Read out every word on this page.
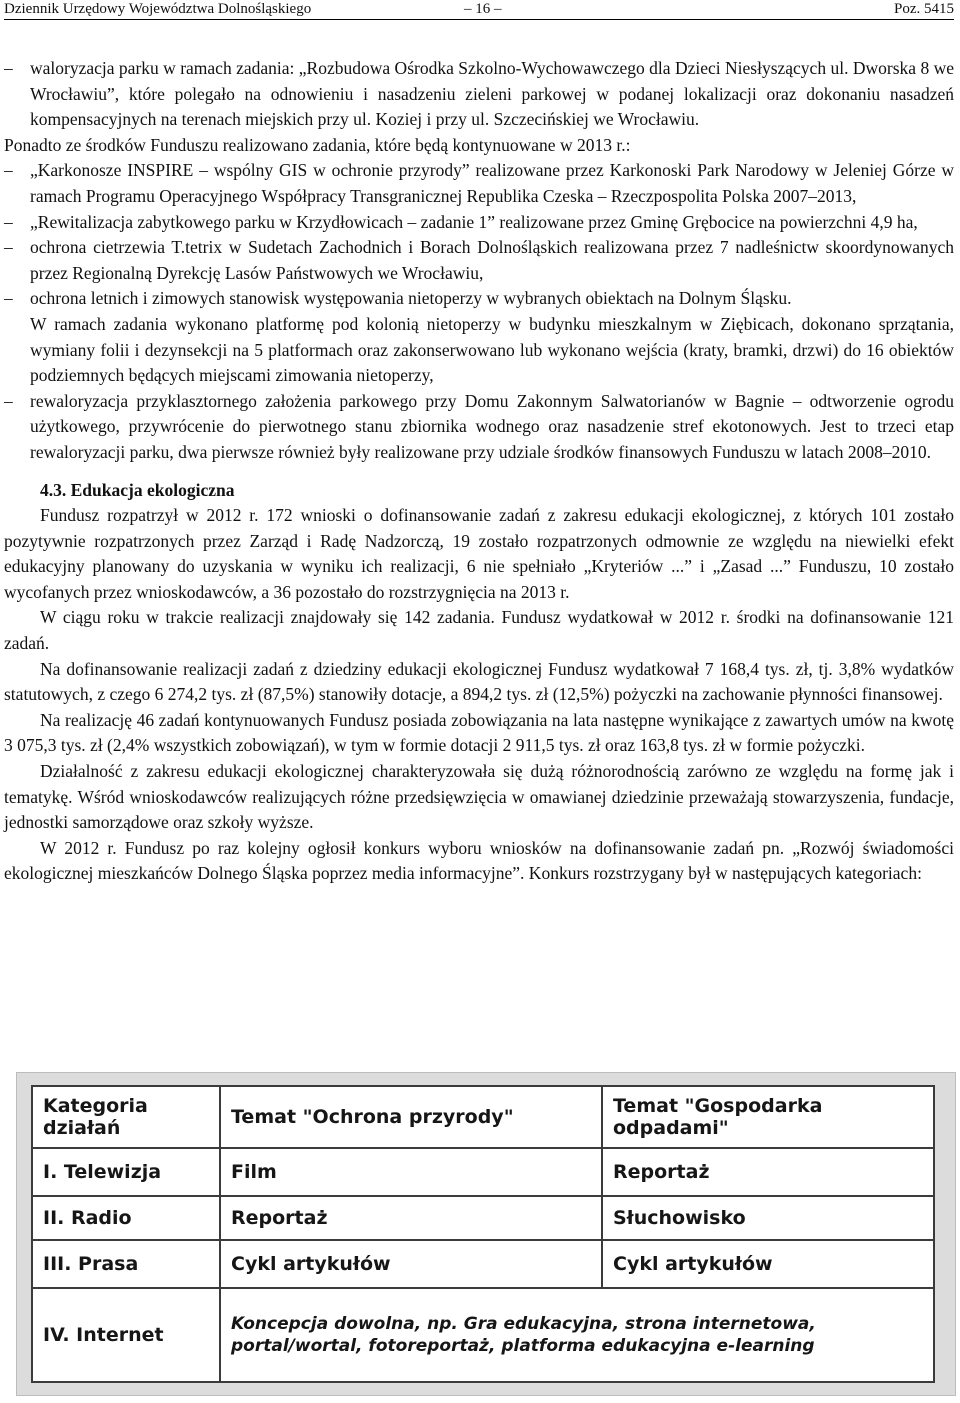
Dziennik Urzędowy Województwa Dolnośląskiego	– 16 –	Poz. 5415
– waloryzacja parku w ramach zadania: „Rozbudowa Ośrodka Szkolno-Wychowawczego dla Dzieci Niesłyszących ul. Dworska 8 we Wrocławiu”, które polegało na odnowieniu i nasadzeniu zieleni parkowej w podanej lokalizacji oraz dokonaniu nasadzeń kompensacyjnych na terenach miejskich przy ul. Koziej i przy ul. Szczecińskiej we Wrocławiu.
Ponadto ze środków Funduszu realizowano zadania, które będą kontynuowane w 2013 r.:
– „Karkonosze INSPIRE – wspólny GIS w ochronie przyrody” realizowane przez Karkonoski Park Narodowy w Jeleniej Górze w ramach Programu Operacyjnego Współpracy Transgranicznej Republika Czeska – Rzeczpospolita Polska 2007–2013,
– „Rewitalizacja zabytkowego parku w Krzydłowicach – zadanie 1” realizowane przez Gminę Grębocice na powierzchni 4,9 ha,
– ochrona cietrzewia T.tetrix w Sudetach Zachodnich i Borach Dolnośląskich realizowana przez 7 nadleśnictw skoordynowanych przez Regionalną Dyrekcję Lasów Państwowych we Wrocławiu,
– ochrona letnich i zimowych stanowisk występowania nietoperzy w wybranych obiektach na Dolnym Śląsku.
W ramach zadania wykonano platformę pod kolonią nietoperzy w budynku mieszkalnym w Ziębicach, dokonano sprzątania, wymiany folii i dezynsekcji na 5 platformach oraz zakonserwowano lub wykonano wejścia (kraty, bramki, drzwi) do 16 obiektów podziemnych będących miejscami zimowania nietoperzy,
– rewaloryzacja przyklasztornego założenia parkowego przy Domu Zakonnym Salwatorianów w Bagnie – odtworzenie ogrodu użytkowego, przywrócenie do pierwotnego stanu zbiornika wodnego oraz nasadzenie stref ekotonowych. Jest to trzeci etap rewaloryzacji parku, dwa pierwsze również były realizowane przy udziale środków finansowych Funduszu w latach 2008–2010.
4.3. Edukacja ekologiczna
Fundusz rozpatrzył w 2012 r. 172 wnioski o dofinansowanie zadań z zakresu edukacji ekologicznej, z których 101 zostało pozytywnie rozpatrzonych przez Zarząd i Radę Nadzorczą, 19 zostało rozpatrzonych odmownie ze względu na niewielki efekt edukacyjny planowany do uzyskania w wyniku ich realizacji, 6 nie spełniało „Kryteriów ...” i „Zasad ...” Funduszu, 10 zostało wycofanych przez wnioskodawców, a 36 pozostało do rozstrzygnięcia na 2013 r.
W ciągu roku w trakcie realizacji znajdowały się 142 zadania. Fundusz wydatkował w 2012 r. środki na dofinansowanie 121 zadań.
Na dofinansowanie realizacji zadań z dziedziny edukacji ekologicznej Fundusz wydatkował 7 168,4 tys. zł, tj. 3,8% wydatków statutowych, z czego 6 274,2 tys. zł (87,5%) stanowiły dotacje, a 894,2 tys. zł (12,5%) pożyczki na zachowanie płynności finansowej.
Na realizację 46 zadań kontynuowanych Fundusz posiada zobowiązania na lata następne wynikające z zawartych umów na kwotę 3 075,3 tys. zł (2,4% wszystkich zobowiązań), w tym w formie dotacji 2 911,5 tys. zł oraz 163,8 tys. zł w formie pożyczki.
Działalność z zakresu edukacji ekologicznej charakteryzowała się dużą różnorodnością zarówno ze względu na formę jak i tematykę. Wśród wnioskodawców realizujących różne przedsięwzięcia w omawianej dziedzinie przeważają stowarzyszenia, fundacje, jednostki samorządowe oraz szkoły wyższe.
W 2012 r. Fundusz po raz kolejny ogłosił konkurs wyboru wniosków na dofinansowanie zadań pn. „Rozwój świadomości ekologicznej mieszkańców Dolnego Śląska poprzez media informacyjne”. Konkurs rozstrzygany był w następujących kategoriach:
Kategoria działań	Temat "Ochrona przyrody"	Temat "Gospodarka odpadami"
I. Telewizja	Film	Reportaż
II. Radio	Reportaż	Słuchowisko
III. Prasa	Cykl artykułów	Cykl artykułów
IV. Internet	Koncepcja dowolna, np. Gra edukacyjna, strona internetowa, portal/wortal, fotoreportaż, platforma edukacyjna e-learning	
